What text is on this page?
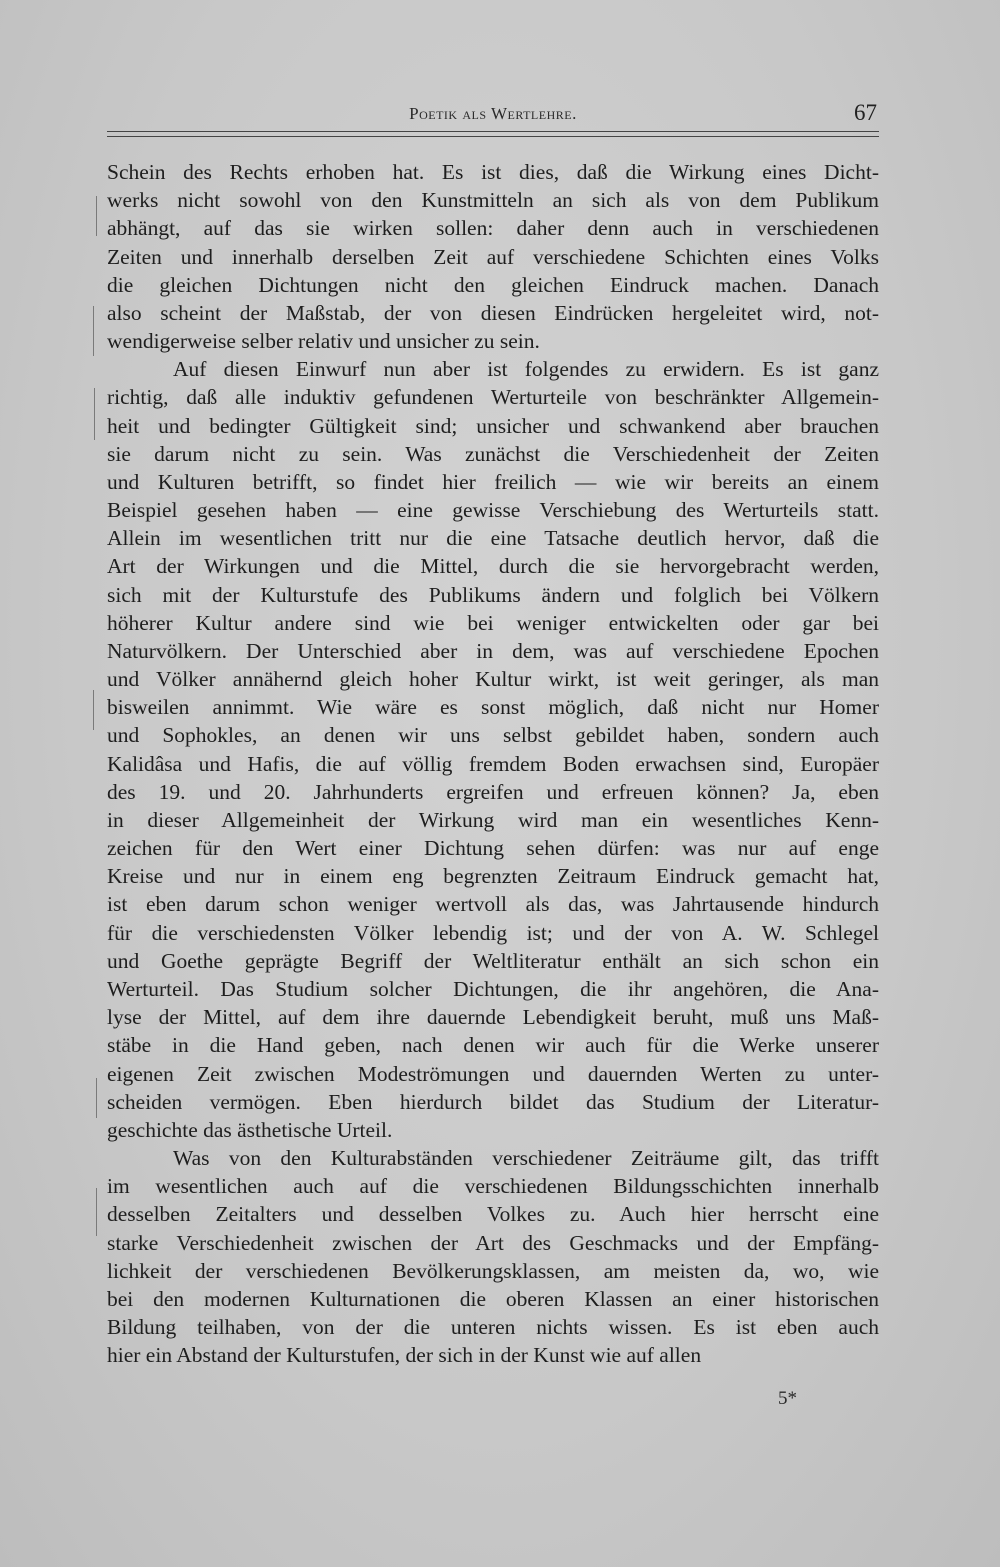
Poetik als Wertlehre.	67
Schein des Rechts erhoben hat. Es ist dies, daß die Wirkung eines Dicht-
werks nicht sowohl von den Kunstmitteln an sich als von dem Publikum
abhängt, auf das sie wirken sollen: daher denn auch in verschiedenen
Zeiten und innerhalb derselben Zeit auf verschiedene Schichten eines Volks
die gleichen Dichtungen nicht den gleichen Eindruck machen. Danach
also scheint der Maßstab, der von diesen Eindrücken hergeleitet wird, not-
wendigerweise selber relativ und unsicher zu sein.
Auf diesen Einwurf nun aber ist folgendes zu erwidern. Es ist ganz
richtig, daß alle induktiv gefundenen Werturteile von beschränkter Allgemein-
heit und bedingter Gültigkeit sind; unsicher und schwankend aber brauchen
sie darum nicht zu sein. Was zunächst die Verschiedenheit der Zeiten
und Kulturen betrifft, so findet hier freilich — wie wir bereits an einem
Beispiel gesehen haben — eine gewisse Verschiebung des Werturteils statt.
Allein im wesentlichen tritt nur die eine Tatsache deutlich hervor, daß die
Art der Wirkungen und die Mittel, durch die sie hervorgebracht werden,
sich mit der Kulturstufe des Publikums ändern und folglich bei Völkern
höherer Kultur andere sind wie bei weniger entwickelten oder gar bei
Naturvölkern. Der Unterschied aber in dem, was auf verschiedene Epochen
und Völker annähernd gleich hoher Kultur wirkt, ist weit geringer, als man
bisweilen annimmt. Wie wäre es sonst möglich, daß nicht nur Homer
und Sophokles, an denen wir uns selbst gebildet haben, sondern auch
Kalidâsa und Hafis, die auf völlig fremdem Boden erwachsen sind, Europäer
des 19. und 20. Jahrhunderts ergreifen und erfreuen können? Ja, eben
in dieser Allgemeinheit der Wirkung wird man ein wesentliches Kenn-
zeichen für den Wert einer Dichtung sehen dürfen: was nur auf enge
Kreise und nur in einem eng begrenzten Zeitraum Eindruck gemacht hat,
ist eben darum schon weniger wertvoll als das, was Jahrtausende hindurch
für die verschiedensten Völker lebendig ist; und der von A. W. Schlegel
und Goethe geprägte Begriff der Weltliteratur enthält an sich schon ein
Werturteil. Das Studium solcher Dichtungen, die ihr angehören, die Ana-
lyse der Mittel, auf dem ihre dauernde Lebendigkeit beruht, muß uns Maß-
stäbe in die Hand geben, nach denen wir auch für die Werke unserer
eigenen Zeit zwischen Modeströmungen und dauernden Werten zu unter-
scheiden vermögen. Eben hierdurch bildet das Studium der Literatur-
geschichte das ästhetische Urteil.
Was von den Kulturabständen verschiedener Zeiträume gilt, das trifft
im wesentlichen auch auf die verschiedenen Bildungsschichten innerhalb
desselben Zeitalters und desselben Volkes zu. Auch hier herrscht eine
starke Verschiedenheit zwischen der Art des Geschmacks und der Empfäng-
lichkeit der verschiedenen Bevölkerungsklassen, am meisten da, wo, wie
bei den modernen Kulturnationen die oberen Klassen an einer historischen
Bildung teilhaben, von der die unteren nichts wissen. Es ist eben auch
hier ein Abstand der Kulturstufen, der sich in der Kunst wie auf allen
5*
